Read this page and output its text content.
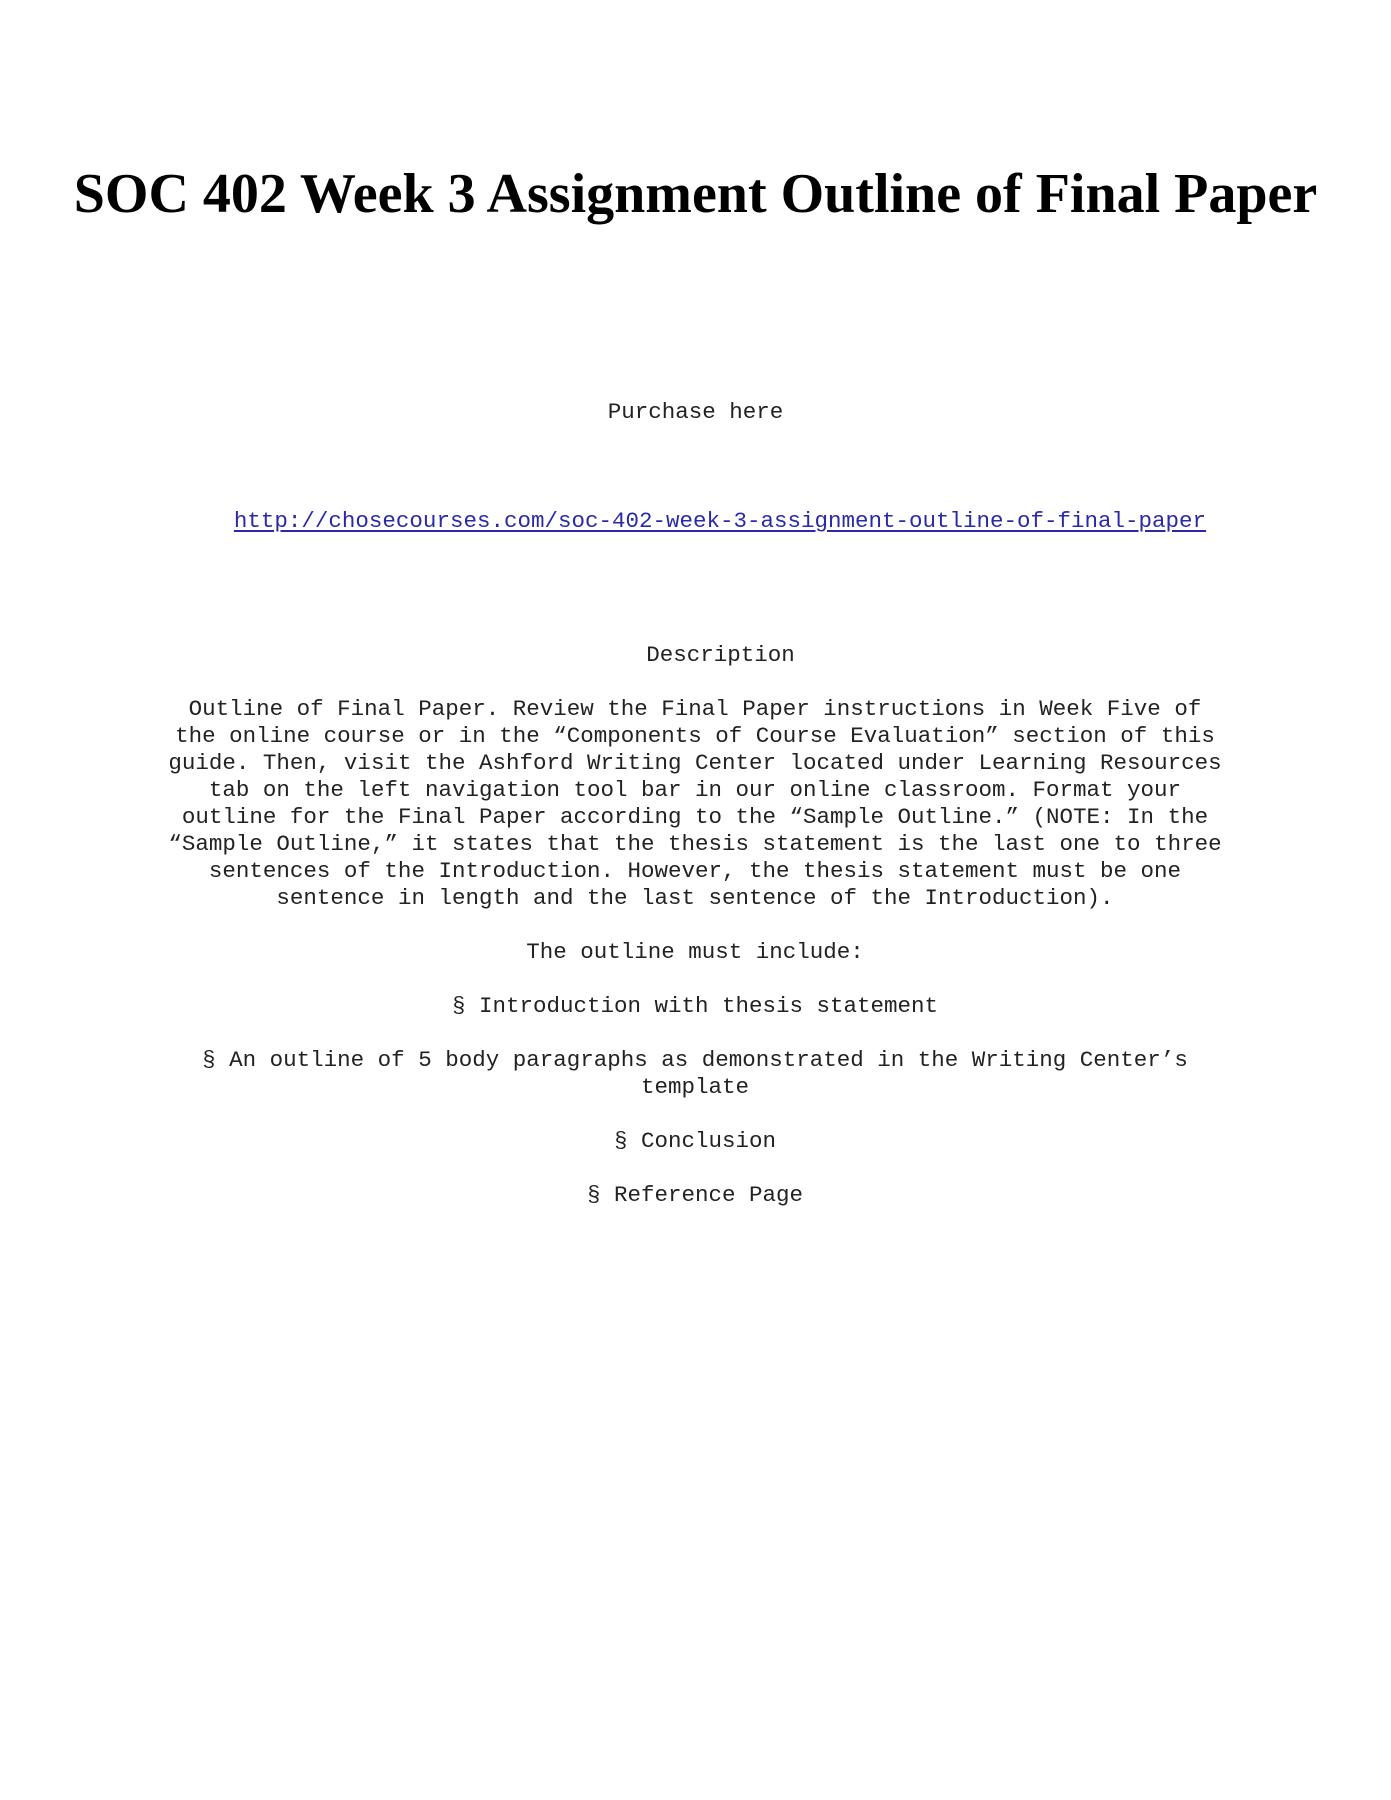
SOC 402 Week 3 Assignment Outline of Final Paper

Purchase here

http://chosecourses.com/soc-402-week-3-assignment-outline-of-final-paper

Description

Outline of Final Paper. Review the Final Paper instructions in Week Five of the online course or in the “Components of Course Evaluation” section of this guide. Then, visit the Ashford Writing Center located under Learning Resources tab on the left navigation tool bar in our online classroom. Format your outline for the Final Paper according to the “Sample Outline.” (NOTE: In the “Sample Outline,” it states that the thesis statement is the last one to three sentences of the Introduction. However, the thesis statement must be one sentence in length and the last sentence of the Introduction).

The outline must include:

§ Introduction with thesis statement

§ An outline of 5 body paragraphs as demonstrated in the Writing Center’s template

§ Conclusion

§ Reference Page
